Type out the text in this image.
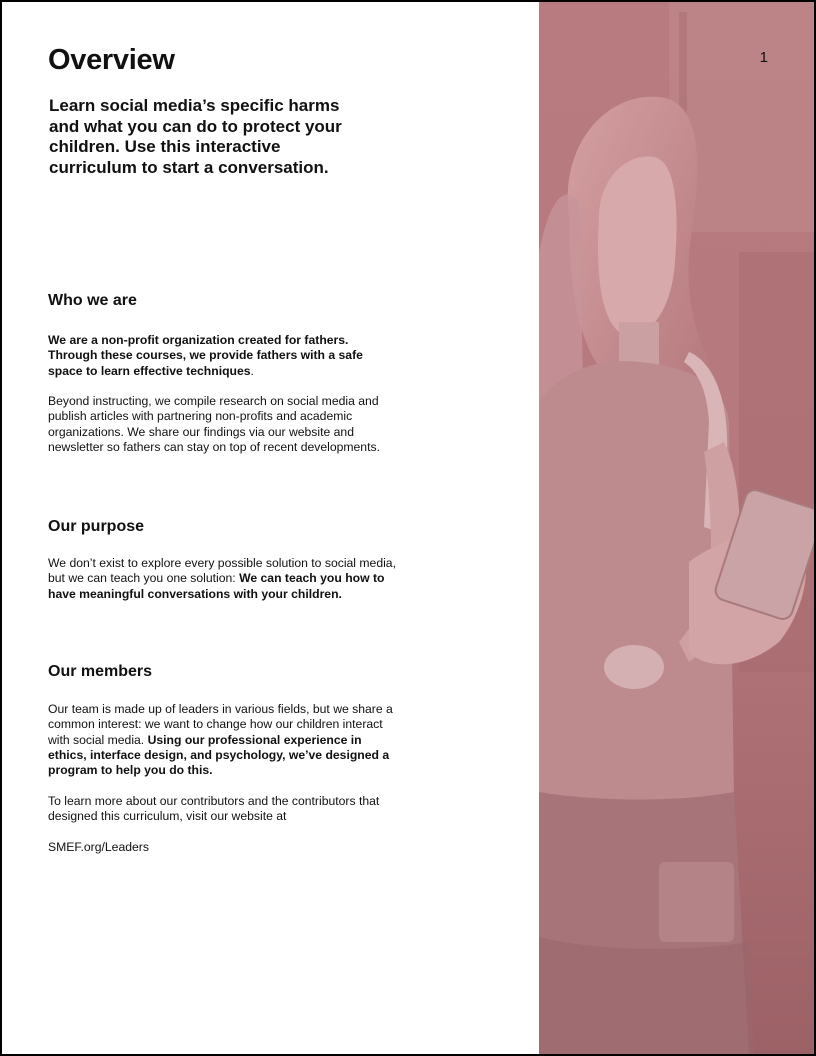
Overview

Learn social media’s specific harms and what you can do to protect your children. Use this interactive curriculum to start a conversation.

Who we are

We are a non-profit organization created for fathers. Through these courses, we provide fathers with a safe space to learn effective techniques.

Beyond instructing, we compile research on social media and publish articles with partnering non-profits and academic organizations. We share our findings via our website and newsletter so fathers can stay on top of recent developments.

Our purpose

We don’t exist to explore every possible solution to social media, but we can teach you one solution: We can teach you how to have meaningful conversations with your children.

Our members

Our team is made up of leaders in various fields, but we share a common interest: we want to change how our children interact with social media. Using our professional experience in ethics, interface design, and psychology, we’ve designed a program to help you do this.

To learn more about our contributors and the contributors that designed this curriculum, visit our website at

SMEF.org/Leaders

1
